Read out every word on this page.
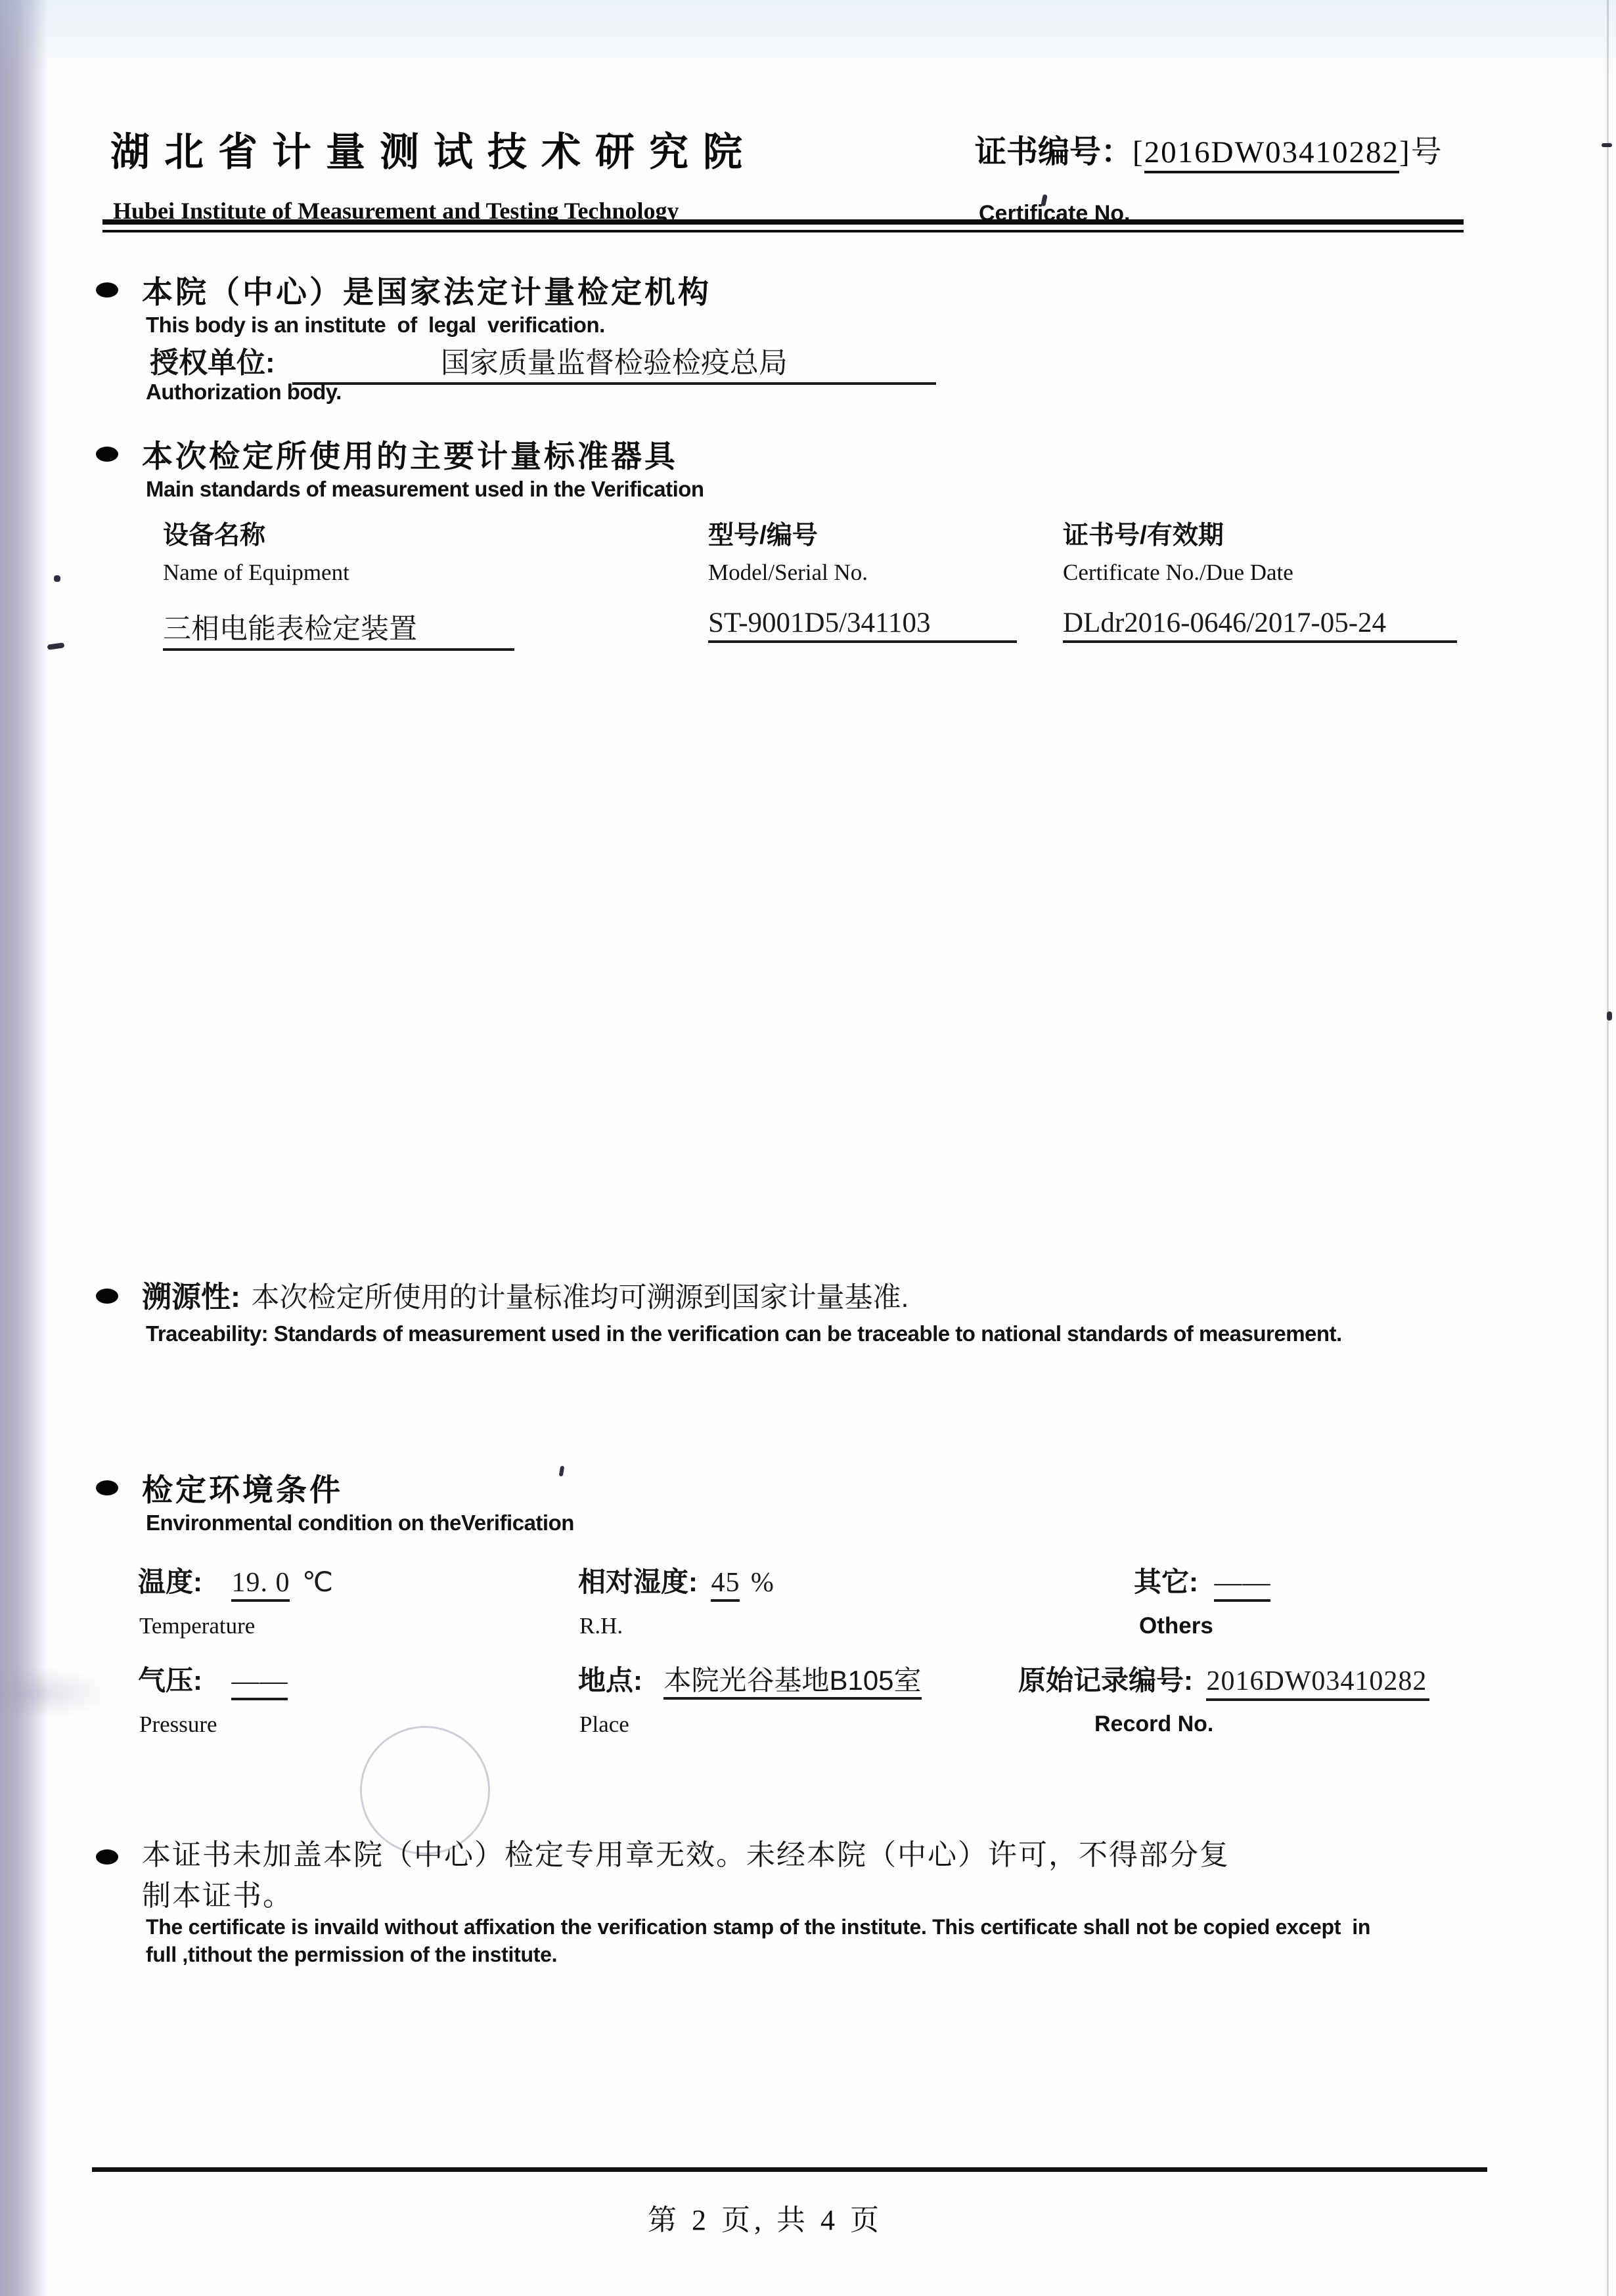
湖北省计量测试技术研究院
Hubei Institute of Measurement and Testing Technology
证书编号：[2016DW03410282]号
Certificate No.
本院（中心）是国家法定计量检定机构
This body is an institute  of  legal  verification.
授权单位:	国家质量监督检验检疫总局
Authorization body.
本次检定所使用的主要计量标准器具
Main standards of measurement used in the Verification
设备名称	型号/编号	证书号/有效期
Name of Equipment	Model/Serial No.	Certificate No./Due Date
三相电能表检定装置	ST-9001D5/341103	DLdr2016-0646/2017-05-24
溯源性: 本次检定所使用的计量标准均可溯源到国家计量基准.
Traceability: Standards of measurement used in the verification can be traceable to national standards of measurement.
检定环境条件
Environmental condition on theVerification
温度: 19. 0 ℃	相对湿度: 45 %	其它: ——
Temperature	R.H.	Others
气压: ——	地点: 本院光谷基地B105室	原始记录编号: 2016DW03410282
Pressure	Place	Record No.
本证书未加盖本院（中心）检定专用章无效。未经本院（中心）许可，不得部分复
制本证书。
The certificate is invaild without affixation the verification stamp of the institute. This certificate shall not be copied except  in
full ,tithout the permission of the institute.
第 2 页, 共 4 页
